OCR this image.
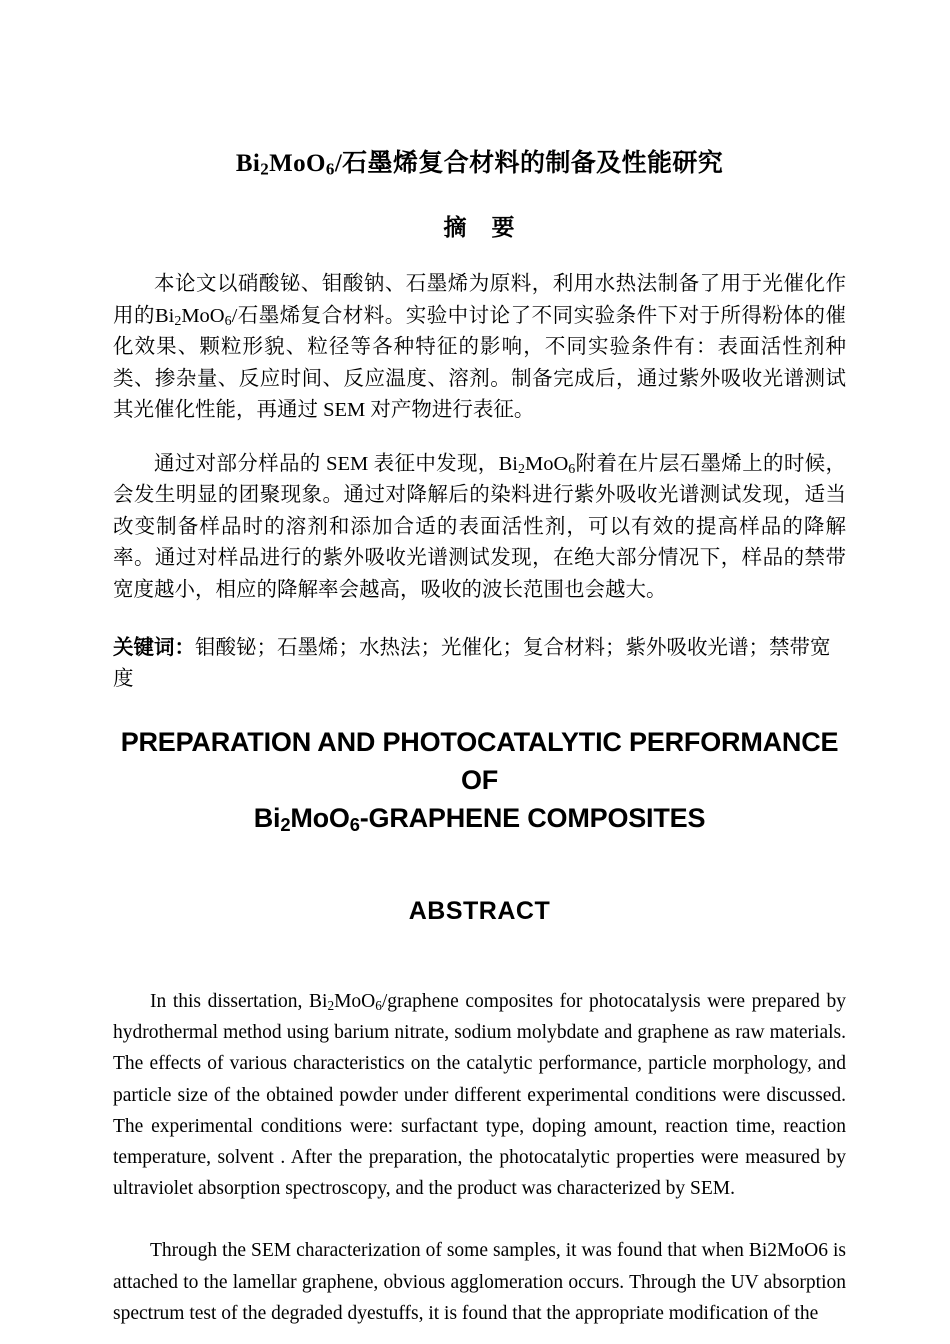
$Bi_2MoO_6/$石墨烯复合材料的制备及性能研究
摘　要

本论文以硝酸铋、钼酸钠、石墨烯为原料，利用水热法制备了用于光催化作用的$Bi_2MoO_6/$石墨烯复合材料。实验中讨论了不同实验条件下对于所得粉体的催化效果、颗粒形貌、粒径等各种特征的影响，不同实验条件有：表面活性剂种类、掺杂量、反应时间、反应温度、溶剂。制备完成后，通过紫外吸收光谱测试其光催化性能，再通过 SEM 对产物进行表征。

通过对部分样品的 SEM 表征中发现，$Bi_2MoO_6$附着在片层石墨烯上的时候，会发生明显的团聚现象。通过对降解后的染料进行紫外吸收光谱测试发现，适当改变制备样品时的溶剂和添加合适的表面活性剂，可以有效的提高样品的降解率。通过对样品进行的紫外吸收光谱测试发现，在绝大部分情况下，样品的禁带宽度越小，相应的降解率会越高，吸收的波长范围也会越大。

关键词：钼酸铋；石墨烯；水热法；光催化；复合材料；紫外吸收光谱；禁带宽度

PREPARATION AND PHOTOCATALYTIC PERFORMANCE OF
$Bi_2MoO_6$-GRAPHENE COMPOSITES
ABSTRACT

In this dissertation, $Bi_2MoO_6$/graphene composites for photocatalysis were prepared by hydrothermal method using barium nitrate, sodium molybdate and graphene as raw materials. The effects of various characteristics on the catalytic performance, particle morphology, and particle size of the obtained powder under different experimental conditions were discussed. The experimental conditions were: surfactant type, doping amount, reaction time, reaction temperature, solvent . After the preparation, the photocatalytic properties were measured by ultraviolet absorption spectroscopy, and the product was characterized by SEM.

Through the SEM characterization of some samples, it was found that when Bi2MoO6 is attached to the lamellar graphene, obvious agglomeration occurs. Through the UV absorption spectrum test of the degraded dyestuffs, it is found that the appropriate modification of the
